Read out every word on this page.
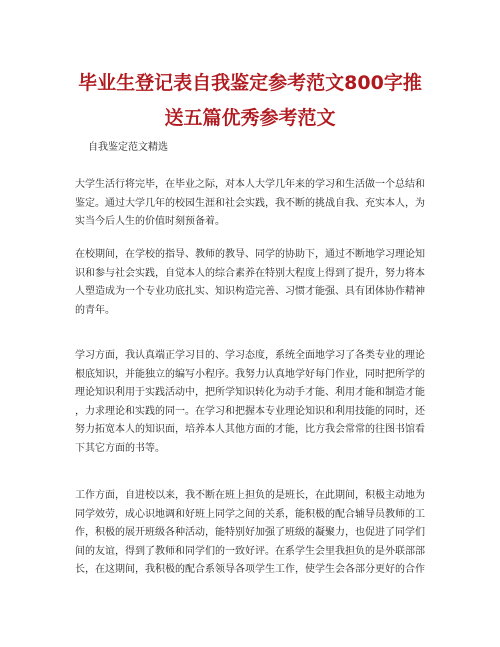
毕业生登记表自我鉴定参考范文800字推
送五篇优秀参考范文

自我鉴定范文精选

大学生活行将完毕，在毕业之际，对本人大学几年来的学习和生活做一个总结和
鉴定。通过大学几年的校园生涯和社会实践，我不断的挑战自我、充实本人，为
实当今后人生的价值时刻预备着。
在校期间，在学校的指导、教师的教导、同学的协助下，通过不断地学习理论知
识和参与社会实践，自觉本人的综合素养在特别大程度上得到了提升，努力将本
人塑造成为一个专业功底扎实、知识构造完善、习惯才能强、具有团体协作精神
的青年。
学习方面，我认真端正学习目的、学习态度，系统全面地学习了各类专业的理论
根底知识，并能独立的编写小程序。我努力认真地学好每门作业，同时把所学的
理论知识利用于实践活动中，把所学知识转化为动手才能、利用才能和制造才能
，力求理论和实践的同一。在学习和把握本专业理论知识和利用技能的同时，还
努力拓宽本人的知识面，培养本人其他方面的才能，比方我会常常的往图书馆看
下其它方面的书等。
工作方面，自进校以来，我不断在班上担负的是班长，在此期间，积极主动地为
同学效劳，成心识地调和好班上同学之间的关系，能积极的配合辅导员教师的工
作，积极的展开班级各种活动，能特别好加强了班级的凝聚力，也促进了同学们
间的友谊，得到了教师和同学们的一致好评。在系学生会里我担负的是外联部部
长，在这期间，我积极的配合系领导各项学生工作，使学生会各部分更好的合作
